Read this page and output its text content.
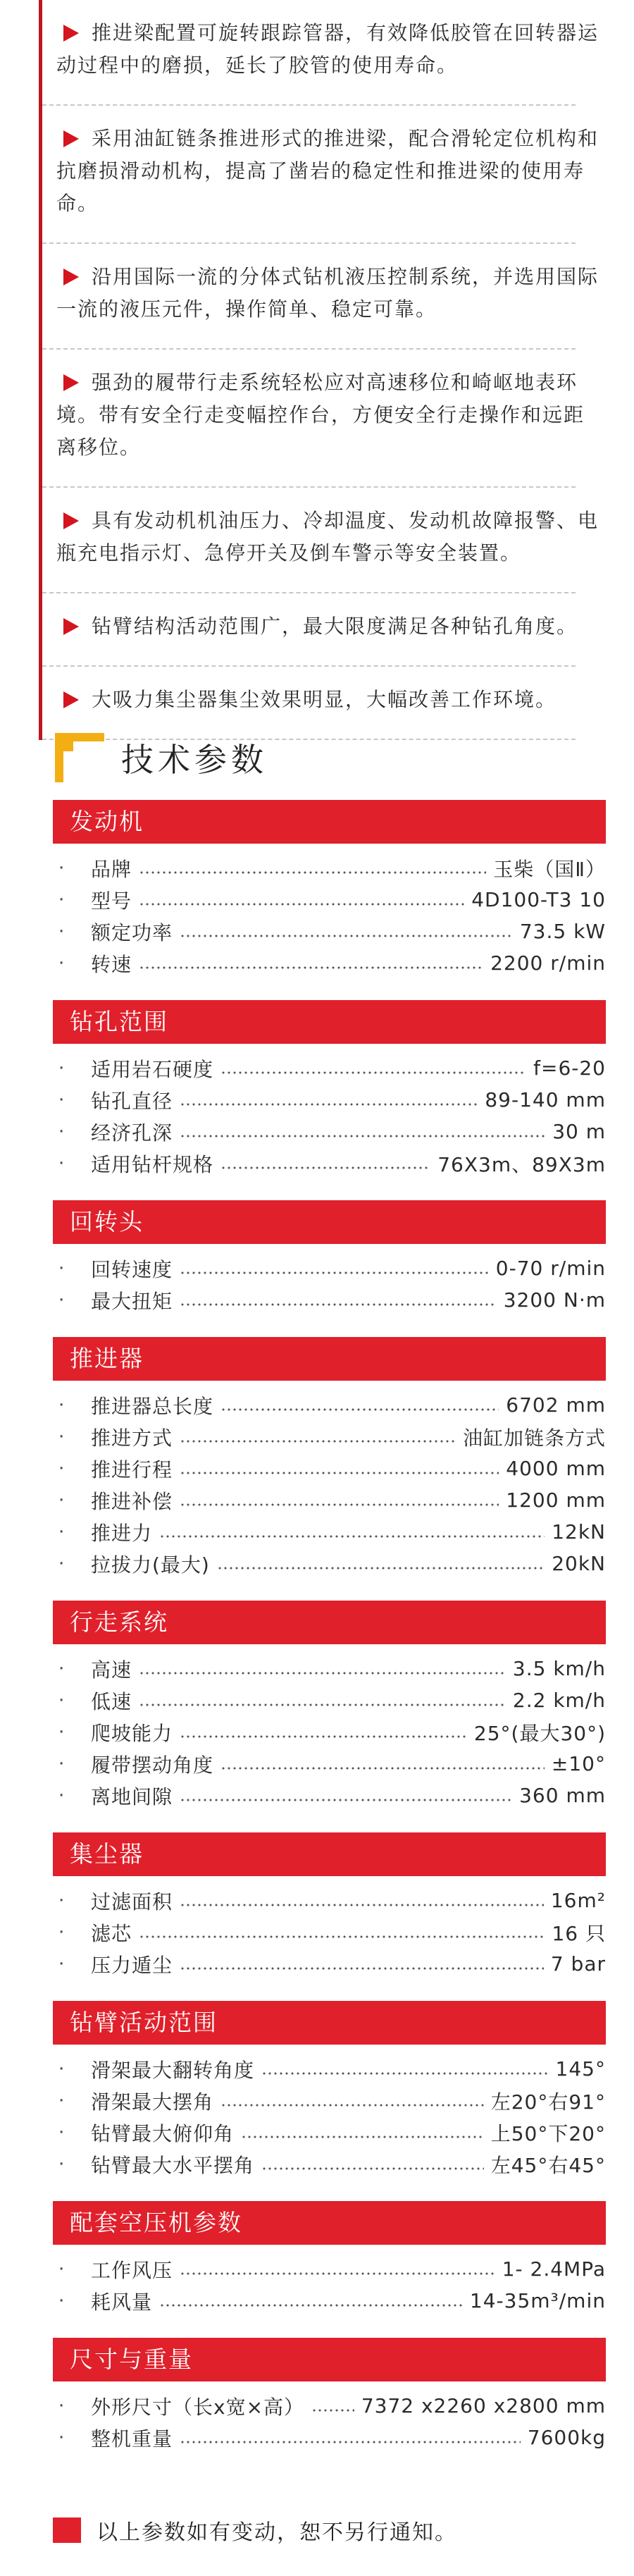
推进梁配置可旋转跟踪管器，有效降低胶管在回转器运动过程中的磨损，延长了胶管的使用寿命。
采用油缸链条推进形式的推进梁，配合滑轮定位机构和抗磨损滑动机构，提高了凿岩的稳定性和推进梁的使用寿命。
沿用国际一流的分体式钻机液压控制系统，并选用国际一流的液压元件，操作简单、稳定可靠。
强劲的履带行走系统轻松应对高速移位和崎岖地表环境。带有安全行走变幅控作台，方便安全行走操作和远距离移位。
具有发动机机油压力、冷却温度、发动机故障报警、电瓶充电指示灯、急停开关及倒车警示等安全装置。
钻臂结构活动范围广，最大限度满足各种钻孔角度。
大吸力集尘器集尘效果明显，大幅改善工作环境。
技术参数
发动机
·	品牌	玉柴（国Ⅱ）
·	型号	4D100-T3 10
·	额定功率	73.5 kW
·	转速	2200 r/min
钻孔范围
·	适用岩石硬度	f=6-20
·	钻孔直径	89-140 mm
·	经济孔深	30 m
·	适用钻杆规格	76X3m、89X3m
回转头
·	回转速度	0-70 r/min
·	最大扭矩	3200 N·m
推进器
·	推进器总长度	6702 mm
·	推进方式	油缸加链条方式
·	推进行程	4000 mm
·	推进补偿	1200 mm
·	推进力	12kN
·	拉拔力(最大)	20kN
行走系统
·	高速	3.5 km/h
·	低速	2.2 km/h
·	爬坡能力	25°(最大30°)
·	履带摆动角度	±10°
·	离地间隙	360 mm
集尘器
·	过滤面积	16m²
·	滤芯	16 只
·	压力遁尘	7 bar
钻臂活动范围
·	滑架最大翻转角度	145°
·	滑架最大摆角	左20°右91°
·	钻臂最大俯仰角	上50°下20°
·	钻臂最大水平摆角	左45°右45°
配套空压机参数
·	工作风压	1- 2.4MPa
·	耗风量	14-35m³/min
尺寸与重量
·	外形尺寸（长x宽×高）	7372 x2260 x2800 mm
·	整机重量	7600kg
以上参数如有变动，恕不另行通知。
